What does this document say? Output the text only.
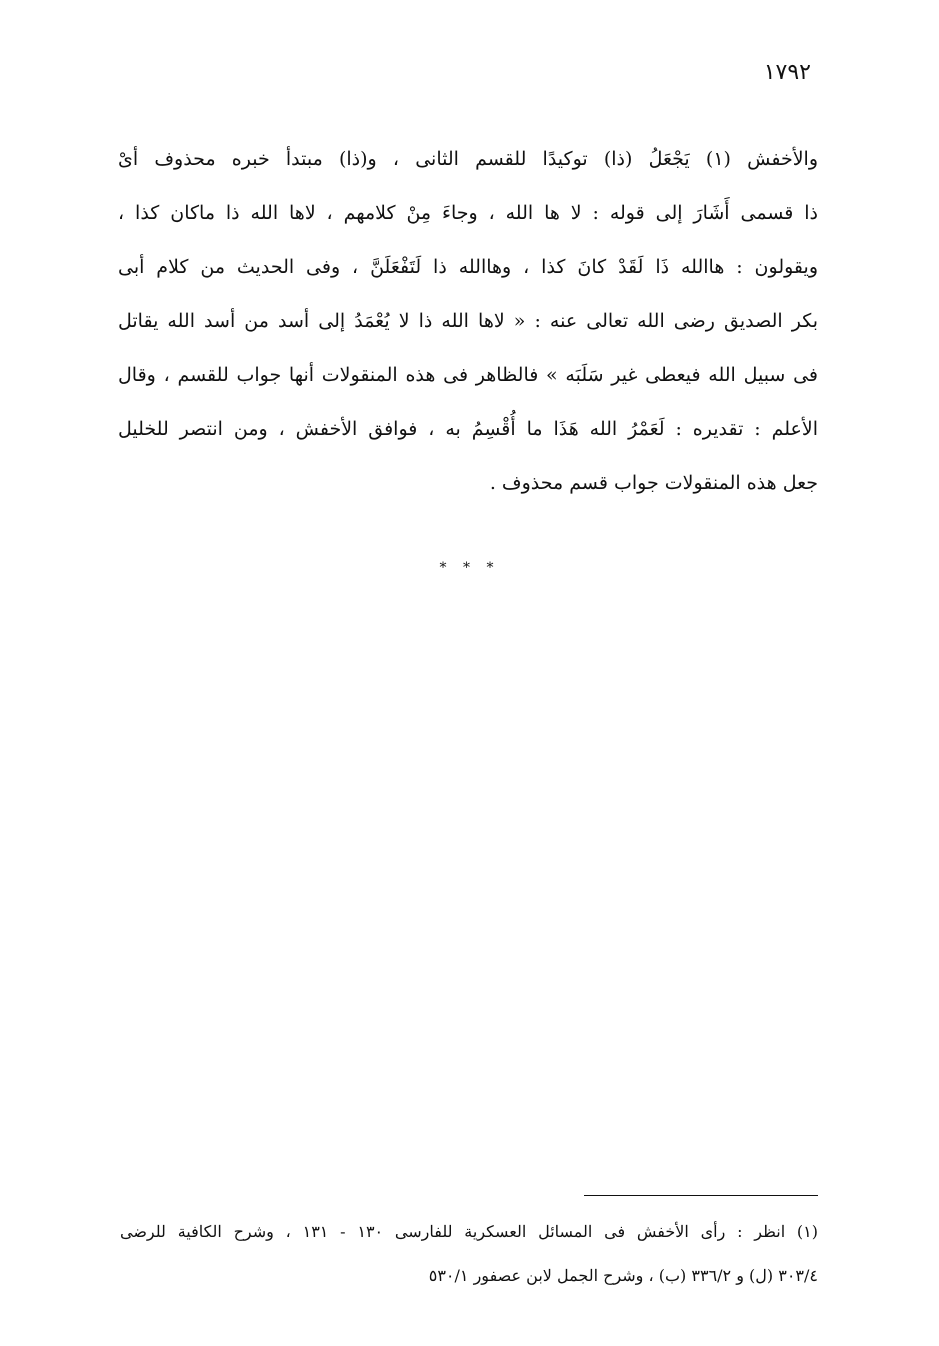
١٧٩٢
والأخفش (١) يَجْعَلُ (ذا) توكيدًا للقسم الثانى ، و(ذا) مبتدأ خبره محذوف أىْ
ذا قسمى أَشَارَ إلى قوله : لا ها الله ، وجاءَ مِنْ كلامهم ، لاها الله ذا ماكان كذا ،
ويقولون : هاالله ذَا لَقَدْ كانَ كذا ، وهاالله ذا لَتَفْعَلَنَّ ، وفى الحديث من كلام أبى
بكر الصديق رضى الله تعالى عنه : « لاها الله ذا لا يُعْمَدُ إلى أسد من أسد الله يقاتل
فى سبيل الله فيعطى غير سَلَبَه » فالظاهر فى هذه المنقولات أنها جواب للقسم ، وقال
الأعلم : تقديره : لَعَمْرُ الله هَذَا ما أُقْسِمُ به ، فوافق الأخفش ، ومن انتصر للخليل
جعل هذه المنقولات جواب قسم محذوف .
* * *
(١) انظر : رأى الأخفش فى المسائل العسكرية للفارسى ١٣٠ - ١٣١ ، وشرح الكافية للرضى
٣٠٣/٤ (ل) و ٣٣٦/٢ (ب) ، وشرح الجمل لابن عصفور ٥٣٠/١
